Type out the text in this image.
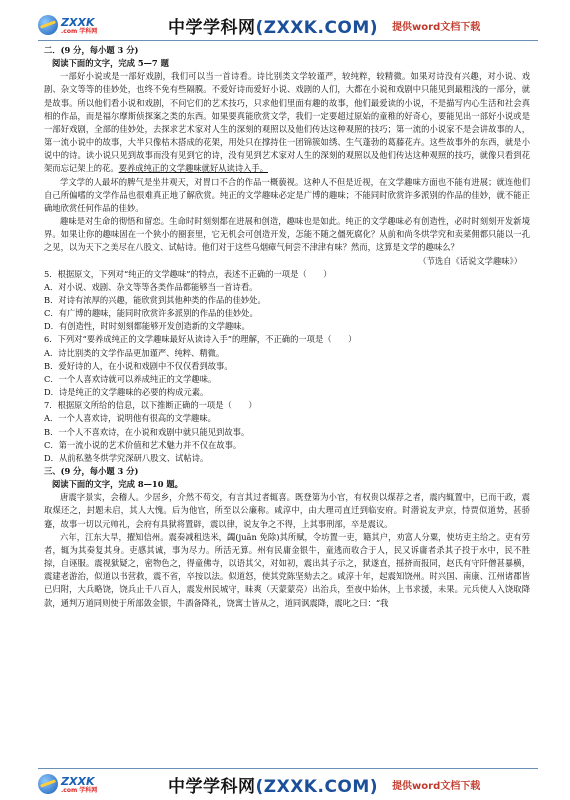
ZXXK
.com 学科网	中学学科网(ZXXK.COM) 提供word文档下载

二．(9 分，每小题 3 分)

阅读下面的文字，完成 5—7 题

一部好小说或是一部好戏剧，我们可以当一首诗看。诗比别类文学较谨严，较纯粹，较精微。如果对诗没有兴趣，对小说、戏剧、杂文等等的佳妙处，也终不免有些隔膜。不爱好诗而爱好小说、戏剧的人们，大都在小说和戏剧中只能见到最粗浅的一部分，就是故事。所以他们看小说和戏剧，不问它们的艺术技巧，只求他们里面有趣的故事，他们最爱读的小说，不是描写内心生活和社会真相的作品，而是福尔摩斯侦探案之类的东西。如果要真能欣赏文学，我们一定要超过原始的童稚的好奇心，要能见出一部好小说或是一部好戏剧，全部的佳妙处，去探求艺术家对人生的深刻的观照以及他们传达这种观照的技巧；第一流的小说家不是会讲故事的人，第一流小说中的故事，大半只像枯木搭成的花架，用处只在撑持住一团锦簇如绣、生气蓬勃的葛藤花卉。这些故事外的东西，就是小说中的诗。读小说只见到故事而没有见到它的诗，没有见到艺术家对人生的深刻的观照以及他们传达这种观照的技巧，就像只看到花架而忘记架上的花。要养成纯正的文学趣味就好从读诗入手。

学文学的人最坏的脾气是坐井观天，对胃口不合的作品一概藐视。这种人不但是近视，在文学趣味方面也不能有进展；就连他们自己所偏嗜的文学作品也很难真正地了解欣赏。纯正的文学趣味必定是广博的趣味；不能同时欣赏许多派别的作品的佳妙，就不能正确地欣赏任何作品的佳妙。

趣味是对生命的彻悟和留恋。生命时时刻刻都在进展和创造，趣味也是如此。纯正的文学趣味必有创造性，必时时刻刻开发新境界。如果让你的趣味固在一个狭小的圈套里，它无机会可创造开发，怎能不随之僵死腐化？从前和尚冬烘学究和卖菜佣都只能以一孔之见，以为天下之美尽在八股文、试帖诗。他们对于这些乌烟瘴气何尝不津津有味？然而，这算是文学的趣味么？

（节选自《话说文学趣味》）

5．根据原文，下列对“纯正的文学趣味”的特点，表述不正确的一项是（　　）

A．对小说、戏剧、杂文等等各类作品都能够当一首诗看。

B．对诗有浓厚的兴趣，能欣赏到其他种类的作品的佳妙处。

C．有广博的趣味，能同时欣赏许多派别的作品的佳妙处。

D．有创造性，时时刻刻都能够开发创造新的文学趣味。

6．下列对“要养成纯正的文学趣味最好从读诗入手”的理解，不正确的一项是（　　）

A．诗比别类的文学作品更加谨严、纯粹、精微。

B．爱好诗的人，在小说和戏剧中不仅仅看到故事。

C．一个人喜欢诗就可以养成纯正的文学趣味。

D．诗是纯正的文学趣味的必要的构成元素。

7．根据原文所给的信息，以下推断正确的一项是（　　）

A．一个人喜欢诗，说明他有很高的文学趣味。

B．一个人不喜欢诗，在小说和戏剧中就只能见到故事。

C．第一流小说的艺术价值和艺术魅力并不仅在故事。

D．从前私塾冬烘学究深研八股文、试帖诗。

三、(9 分，每小题 3 分)

阅读下面的文字，完成 8—10 题。

唐震字景实，会稽人。少居乡，介然不苟交，有言其过者辄喜。既登第为小官，有权贵以煤荐之者，震内辄置中，已而干政，震取煤还之，封题未启，其人大愧。后为他官，所至以公廉称。咸淳中，由大理司直迁到临安府。时潜说友尹京，恃贾似道势，甚骄蹇，故事一切以元帅礼，会府有具狱将置辟，震以律，说友争之不得，上其事刑部，卒是震议。

六年，江东大旱，擢知信州。震奏减租迭米，蠲(juān 免除)其所赋，令坊置一吏，籍其户，劝富人分粟，使坊吏主给之。吏有劳者，辄为其奏复其身。吏感其诚，事为尽力。所活无算。州有民庸金银牛，童逃而收合于人，民又诉庸者杀其子投于水中，民不胜掠，自诬服。震视狱疑之，密物色之，得童佛寺，以语其父，对如初，震出其子示之，狱遂直，摇挤而报同，赵氏有守阡僧甚暴横，震建老游治，似道以书营救，震不省，卒按以法。似道怒，使其党陈坚劾去之。咸淳十年，起震知饶州。时兴国、南康、江州诸郡皆已归附，大兵略饶，饶兵止千八百人，震发州民城守，昧爽（天蒙蒙亮）出治兵，至夜中始休，上书求援，未果。元兵使人入饶取降款，通判万道同则使于所部敛金银，牛酒备降礼，饶寓士皆从之，道同讽震降，震叱之曰：“我

ZXXK
.com 学科网	中学学科网(ZXXK.COM) 提供word文档下载
